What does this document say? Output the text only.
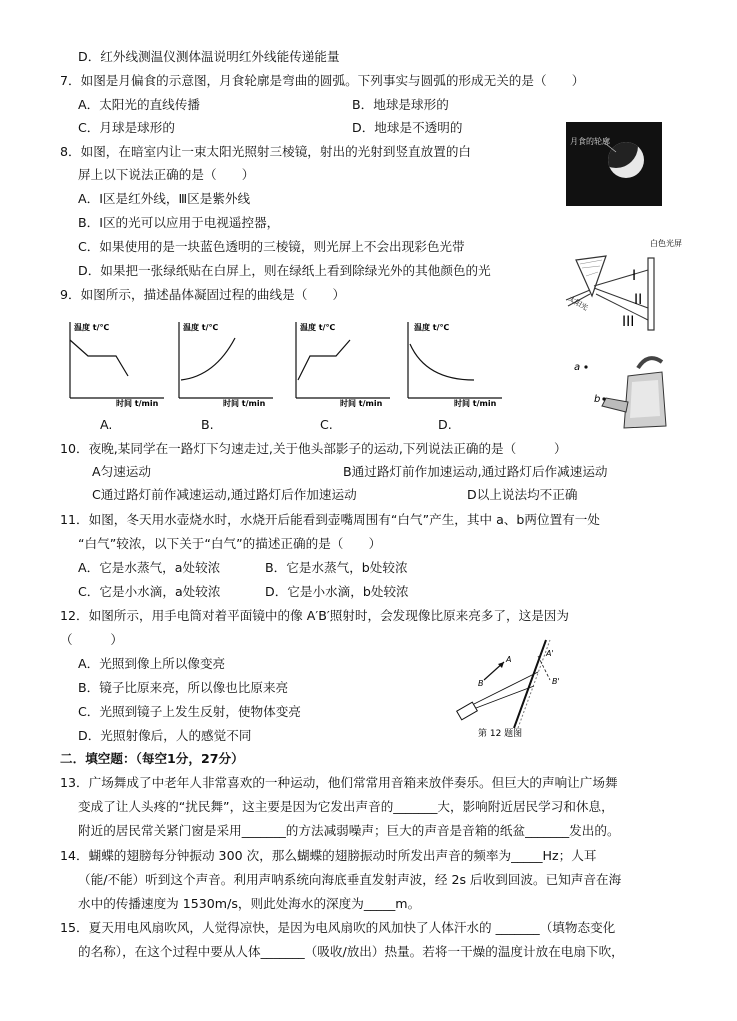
D．红外线测温仪测体温说明红外线能传递能量
7．如图是月偏食的示意图，月食轮廓是弯曲的圆弧。下列事实与圆弧的形成无关的是（　　）
A．太阳光的直线传播	B．地球是球形的
C．月球是球形的	D．地球是不透明的
8．如图，在暗室内让一束太阳光照射三棱镜，射出的光射到竖直放置的白
屏上以下说法正确的是（　　）
A．Ⅰ区是红外线，Ⅲ区是紫外线
B．Ⅰ区的光可以应用于电视遥控器，
C．如果使用的是一块蓝色透明的三棱镜，则光屏上不会出现彩色光带
D．如果把一张绿纸贴在白屏上，则在绿纸上看到除绿光外的其他颜色的光
9．如图所示，描述晶体凝固过程的曲线是（　　）
A.	B.	C.	D.
10．夜晚,某同学在一路灯下匀速走过,关于他头部影子的运动,下列说法正确的是（　　　）
A匀速运动	B通过路灯前作加速运动,通过路灯后作减速运动
C通过路灯前作减速运动,通过路灯后作加速运动	D以上说法均不正确
11．如图，冬天用水壶烧水时，水烧开后能看到壶嘴周围有“白气”产生，其中 a、b两位置有一处
“白气”较浓，以下关于“白气”的描述正确的是（　　）
A．它是水蒸气，a处较浓	B．它是水蒸气，b处较浓
C．它是小水滴，a处较浓	D．它是小水滴，b处较浓
12．如图所示，用手电筒对着平面镜中的像 A′B′照射时，会发现像比原来亮多了，这是因为
（　　　）
A．光照到像上所以像变亮
B．镜子比原来亮，所以像也比原来亮
C．光照到镜子上发生反射，使物体变亮
D．光照射像后，人的感觉不同
二．填空题：（每空1分，27分）
13．广场舞成了中老年人非常喜欢的一种运动，他们常常用音箱来放伴奏乐。但巨大的声响让广场舞
变成了让人头疼的“扰民舞”，这主要是因为它发出声音的_______大，影响附近居民学习和休息，
附近的居民常关紧门窗是采用_______的方法减弱噪声；巨大的声音是音箱的纸盆_______发出的。
14．蝴蝶的翅膀每分钟振动 300 次，那么蝴蝶的翅膀振动时所发出声音的频率为_____Hz；人耳
（能/不能）听到这个声音。利用声呐系统向海底垂直发射声波，经 2s 后收到回波。已知声音在海
水中的传播速度为 1530m/s，则此处海水的深度为_____m。
15．夏天用电风扇吹风，人觉得凉快，是因为电风扇吹的风加快了人体汗水的 _______（填物态变化
的名称），在这个过程中要从人体_______（吸收/放出）热量。若将一干燥的温度计放在电扇下吹，
月食的轮廓
I
II
III
白色光屏
太阳光
温度 t/℃
时间 t/min
温度 t/℃
时间 t/min
温度 t/℃
时间 t/min
温度 t/℃
时间 t/min
a
b
A
B
A'
B'
第 12 题图
